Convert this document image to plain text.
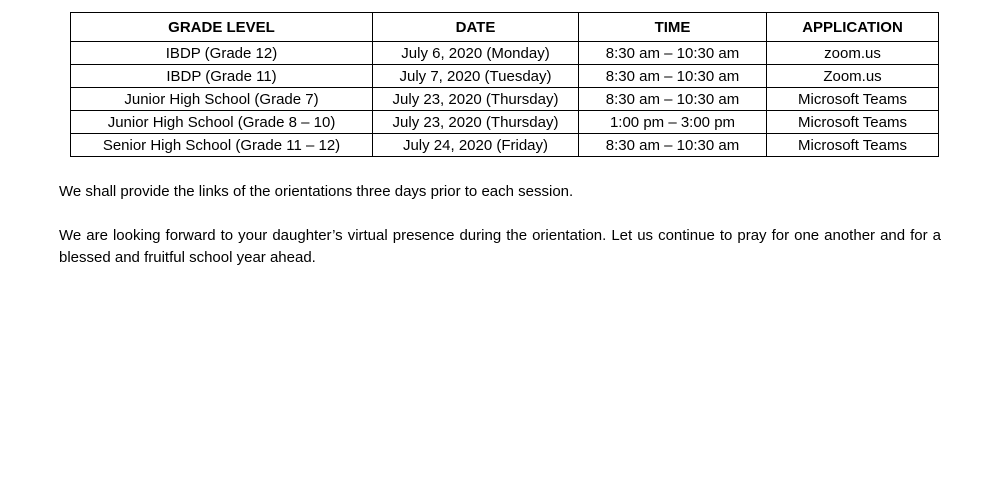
GRADE LEVEL	DATE	TIME	APPLICATION
IBDP (Grade 12)	July 6, 2020 (Monday)	8:30 am – 10:30 am	zoom.us
IBDP (Grade 11)	July 7, 2020 (Tuesday)	8:30 am – 10:30 am	Zoom.us
Junior High School (Grade 7)	July 23, 2020 (Thursday)	8:30 am – 10:30 am	Microsoft Teams
Junior High School (Grade 8 – 10)	July 23, 2020 (Thursday)	1:00 pm – 3:00 pm	Microsoft Teams
Senior High School (Grade 11 – 12)	July 24, 2020 (Friday)	8:30 am – 10:30 am	Microsoft Teams

We shall provide the links of the orientations three days prior to each session.

We are looking forward to your daughter’s virtual presence during the orientation. Let us continue to pray for one another and for a blessed and fruitful school year ahead.
